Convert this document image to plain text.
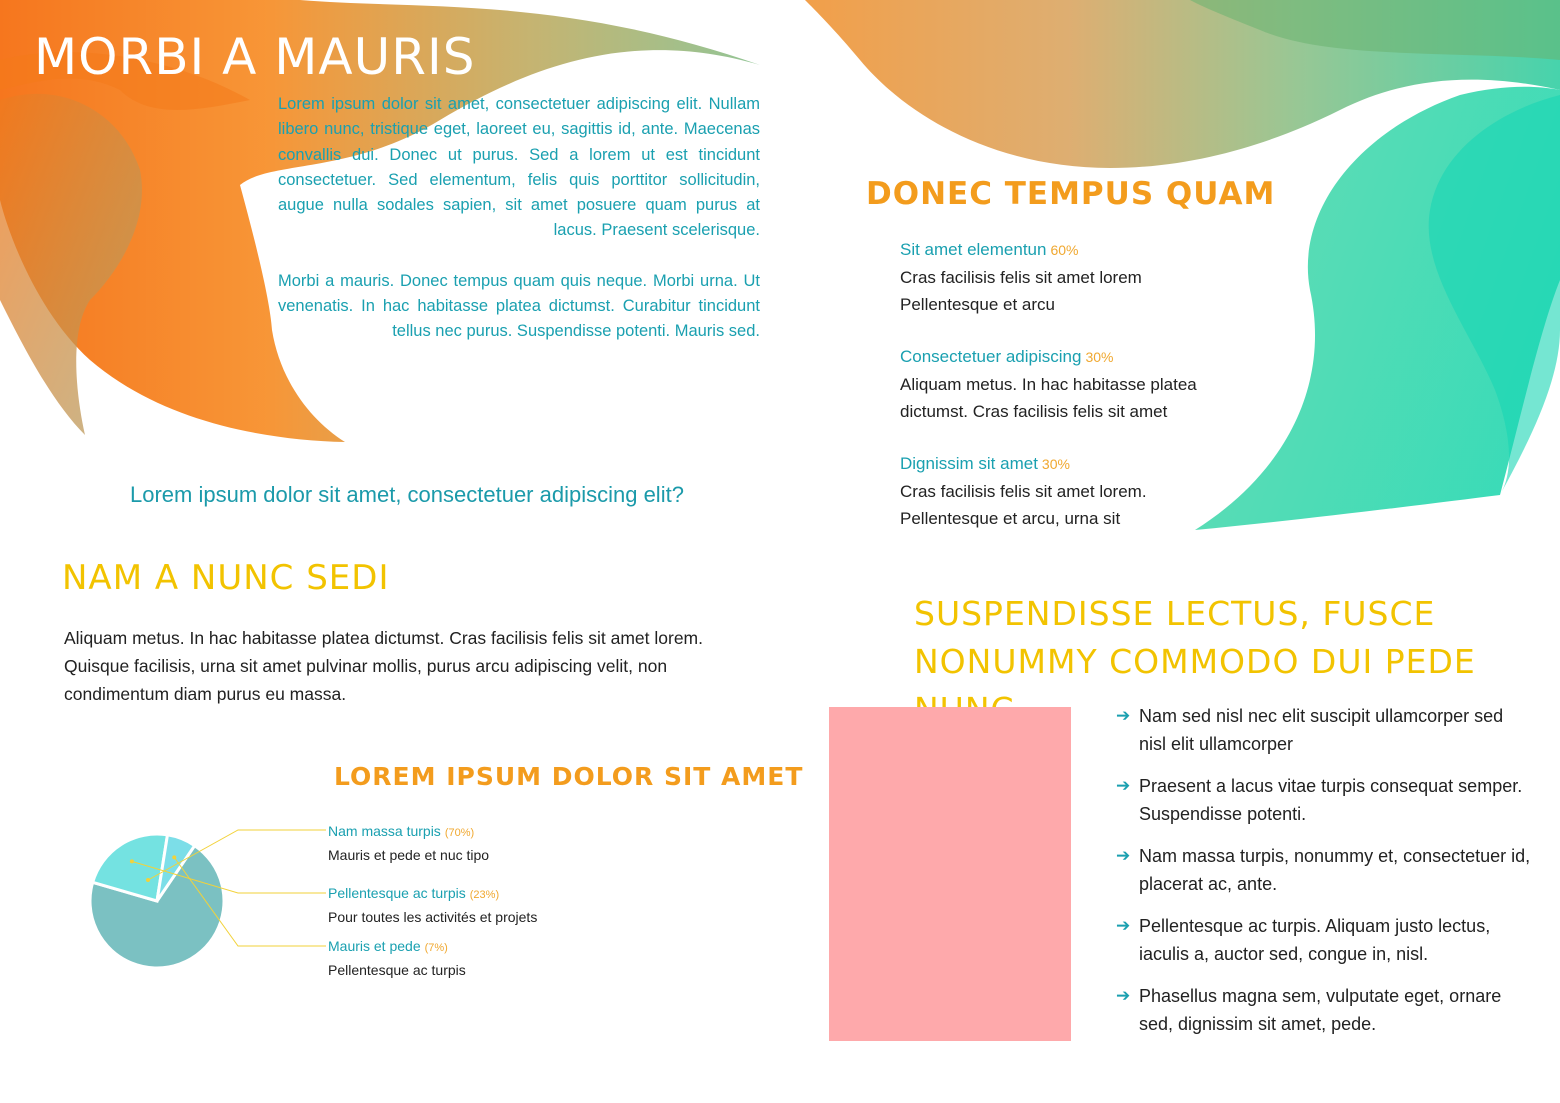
MORBI A MAURIS

Lorem ipsum dolor sit amet, consectetuer adipiscing elit. Nullam libero nunc, tristique eget, laoreet eu, sagittis id, ante. Maecenas convallis dui. Donec ut purus. Sed a lorem ut est tincidunt consectetuer. Sed elementum, felis quis porttitor sollicitudin, augue nulla sodales sapien, sit amet posuere quam purus at lacus. Praesent scelerisque.

Morbi a mauris. Donec tempus quam quis neque. Morbi urna. Ut venenatis. In hac habitasse platea dictumst. Curabitur tincidunt tellus nec purus. Suspendisse potenti. Mauris sed.

Lorem ipsum dolor sit amet, consectetuer adipiscing elit?

NAM A NUNC SEDI

Aliquam metus. In hac habitasse platea dictumst. Cras facilisis felis sit amet lorem. Quisque facilisis, urna sit amet pulvinar mollis, purus arcu adipiscing velit, non condimentum diam purus eu massa.

LOREM IPSUM DOLOR SIT AMET
Nam massa turpis (70%)
Mauris et pede et nuc tipo
Pellentesque ac turpis (23%)
Pour toutes les activités et projets
Mauris et pede (7%)
Pellentesque ac turpis
DONEC TEMPUS QUAM
Sit amet elementun 60%
Cras facilisis felis sit amet lorem
Pellentesque et arcu
Consectetuer adipiscing 30%
Aliquam metus. In hac habitasse platea
dictumst. Cras facilisis felis sit amet
Dignissim sit amet 30%
Cras facilisis felis sit amet lorem.
Pellentesque et arcu, urna sit
SUSPENDISSE LECTUS, FUSCE NONUMMY COMMODO DUI PEDE
➔ Nam sed nisl nec elit suscipit ullamcorper sed nisl elit ullamcorper
➔ Praesent a lacus vitae turpis consequat semper. Suspendisse potenti.
➔ Nam massa turpis, nonummy et, consectetuer id, placerat ac, ante.
➔ Pellentesque ac turpis. Aliquam justo lectus, iaculis a, auctor sed, congue in, nisl.
➔ Phasellus magna sem, vulputate eget, ornare sed, dignissim sit amet, pede.
